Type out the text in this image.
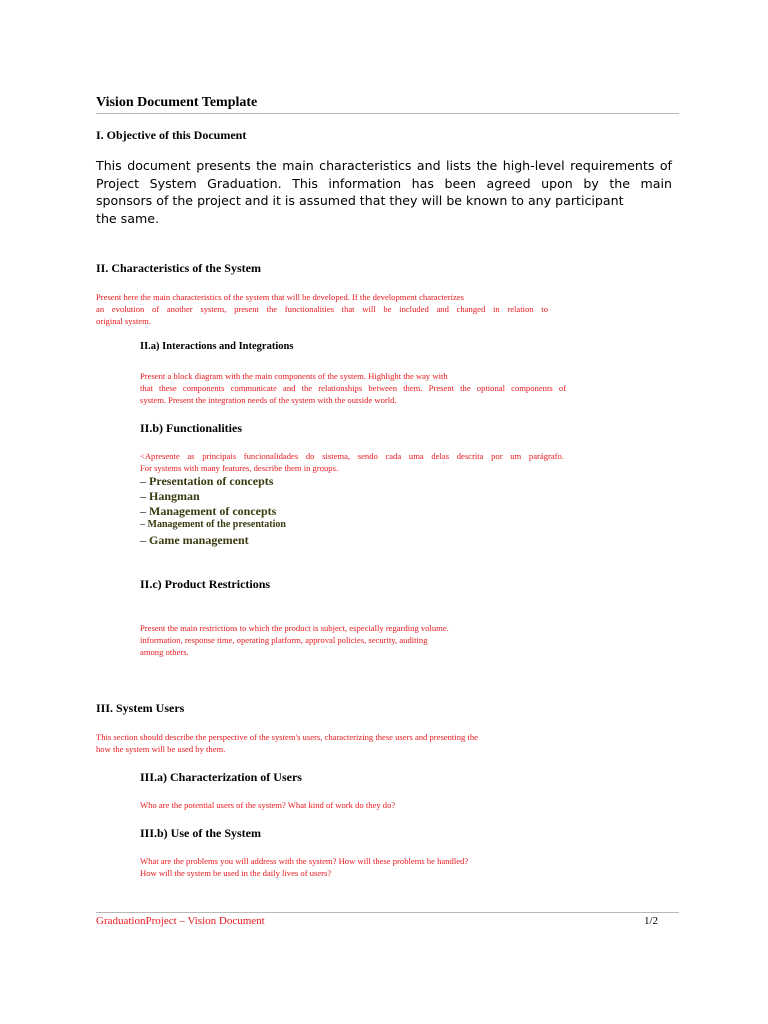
Vision Document Template
I. Objective of this Document
This document presents the main characteristics and lists the high-level requirements of
Project System Graduation. This information has been agreed upon by the main
sponsors of the project and it is assumed that they will be known to any participant
the same.
II. Characteristics of the System
Present here the main characteristics of the system that will be developed. If the development characterizes
an evolution of another system, present the functionalities that will be included and changed in relation to
original system.
II.a) Interactions and Integrations
Present a block diagram with the main components of the system. Highlight the way with
that these components communicate and the relationships between them. Present the optional components of
system. Present the integration needs of the system with the outside world.
II.b) Functionalities
<Apresente as principais funcionalidades do sistema, sendo cada uma delas descrita por um parágrafo.
For systems with many features, describe them in groups.
– Presentation of concepts
– Hangman
– Management of concepts
– Management of the presentation
– Game management
II.c) Product Restrictions
Present the main restrictions to which the product is subject, especially regarding volume.
information, response time, operating platform, approval policies, security, auditing
among others.
III. System Users
This section should describe the perspective of the system's users, characterizing these users and presenting the
how the system will be used by them.
III.a) Characterization of Users
Who are the potential users of the system? What kind of work do they do?
III.b) Use of the System
What are the problems you will address with the system? How will these problems be handled?
How will the system be used in the daily lives of users?
GraduationProject – Vision Document	1/2
